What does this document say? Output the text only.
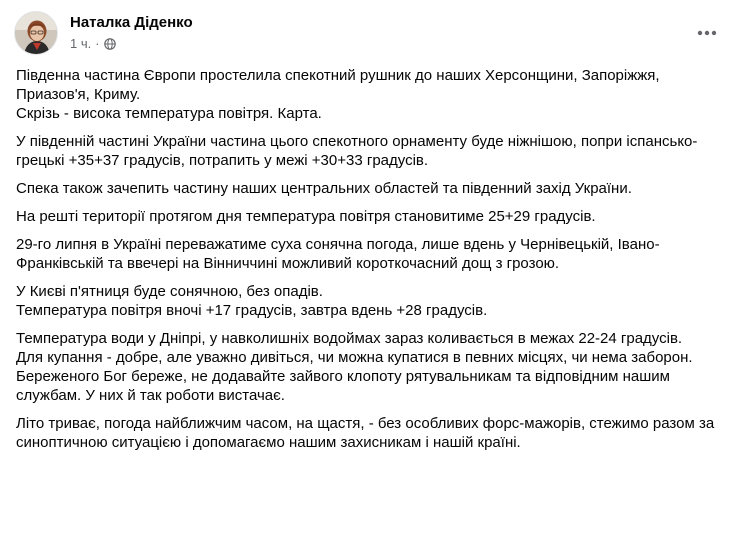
Наталка Діденко
1 ч. ·

Південна частина Європи простелила спекотний рушник до наших Херсонщини, Запоріжжя, Приазов'я, Криму.
Скрізь - висока температура повітря. Карта.

У південній частині України частина цього спекотного орнаменту буде ніжнішою, попри іспансько-грецькі +35+37 градусів, потрапить у межі +30+33 градусів.

Спека також зачепить частину наших центральних областей та південний захід України.

На решті території протягом дня температура повітря становитиме 25+29 градусів.

29-го липня в Україні переважатиме суха сонячна погода, лише вдень у Чернівецькій, Івано-Франківській та ввечері на Вінниччині можливий короткочасний дощ з грозою.

У Києві п'ятниця буде сонячною, без опадів.
Температура повітря вночі +17 градусів, завтра вдень +28 градусів.

Температура води у Дніпрі, у навколишніх водоймах зараз коливається в межах 22-24 градусів.
Для купання - добре, але уважно дивіться, чи можна купатися в певних місцях, чи нема заборон.
Береженого Бог береже, не додавайте зайвого клопоту рятувальникам та відповідним нашим службам. У них й так роботи вистачає.

Літо триває, погода найближчим часом, на щастя, - без особливих форс-мажорів, стежимо разом за синоптичною ситуацією і допомагаємо нашим захисникам і нашій країні.
